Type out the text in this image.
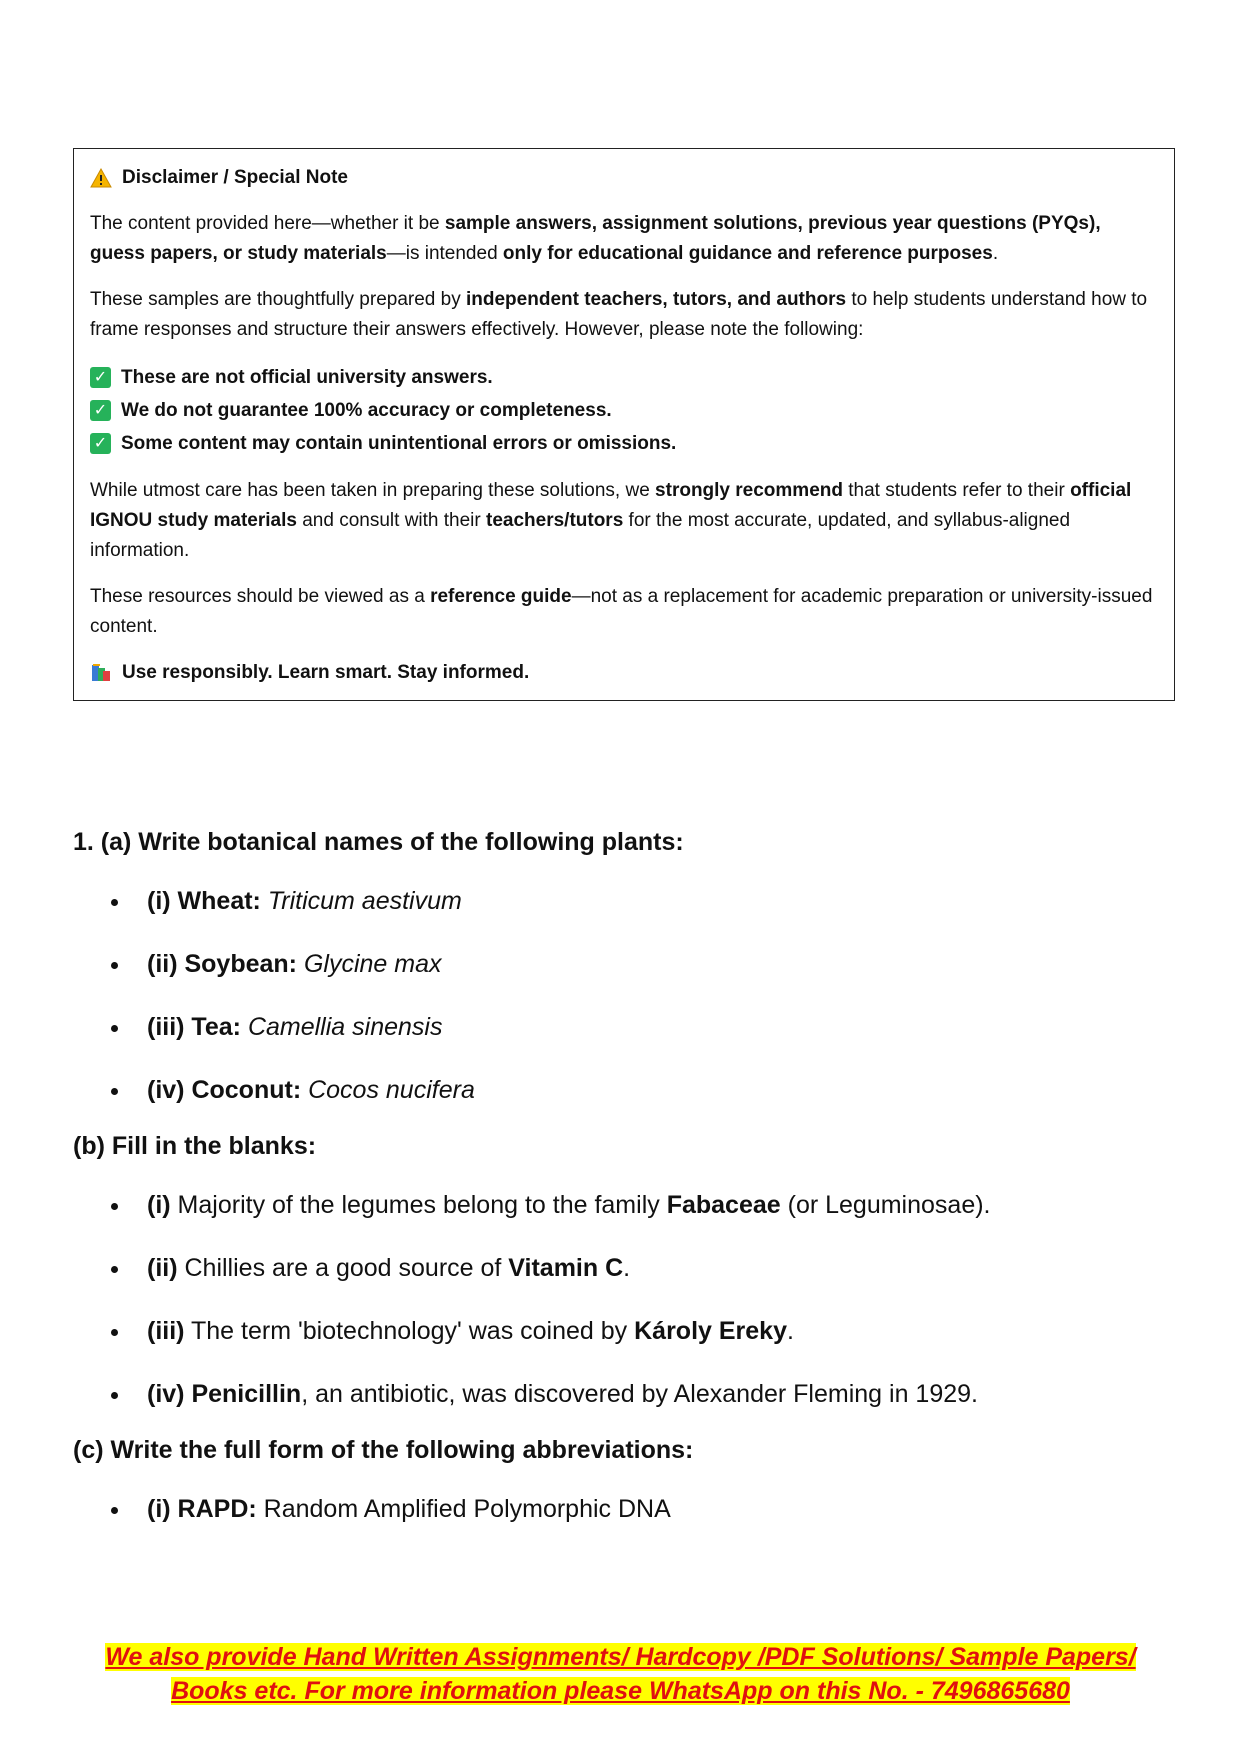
Disclaimer / Special Note

The content provided here—whether it be sample answers, assignment solutions, previous year questions (PYQs), guess papers, or study materials—is intended only for educational guidance and reference purposes.

These samples are thoughtfully prepared by independent teachers, tutors, and authors to help students understand how to frame responses and structure their answers effectively. However, please note the following:

✓ These are not official university answers.
✓ We do not guarantee 100% accuracy or completeness.
✓ Some content may contain unintentional errors or omissions.

While utmost care has been taken in preparing these solutions, we strongly recommend that students refer to their official IGNOU study materials and consult with their teachers/tutors for the most accurate, updated, and syllabus-aligned information.

These resources should be viewed as a reference guide—not as a replacement for academic preparation or university-issued content.

Use responsibly. Learn smart. Stay informed.

1. (a) Write botanical names of the following plants:

(i) Wheat: Triticum aestivum
(ii) Soybean: Glycine max
(iii) Tea: Camellia sinensis
(iv) Coconut: Cocos nucifera

(b) Fill in the blanks:

(i) Majority of the legumes belong to the family Fabaceae (or Leguminosae).
(ii) Chillies are a good source of Vitamin C.
(iii) The term 'biotechnology' was coined by Károly Ereky.
(iv) Penicillin, an antibiotic, was discovered by Alexander Fleming in 1929.

(c) Write the full form of the following abbreviations:

(i) RAPD: Random Amplified Polymorphic DNA
We also provide Hand Written Assignments/ Hardcopy /PDF Solutions/ Sample Papers/
Books etc. For more information please WhatsApp on this No. - 7496865680
